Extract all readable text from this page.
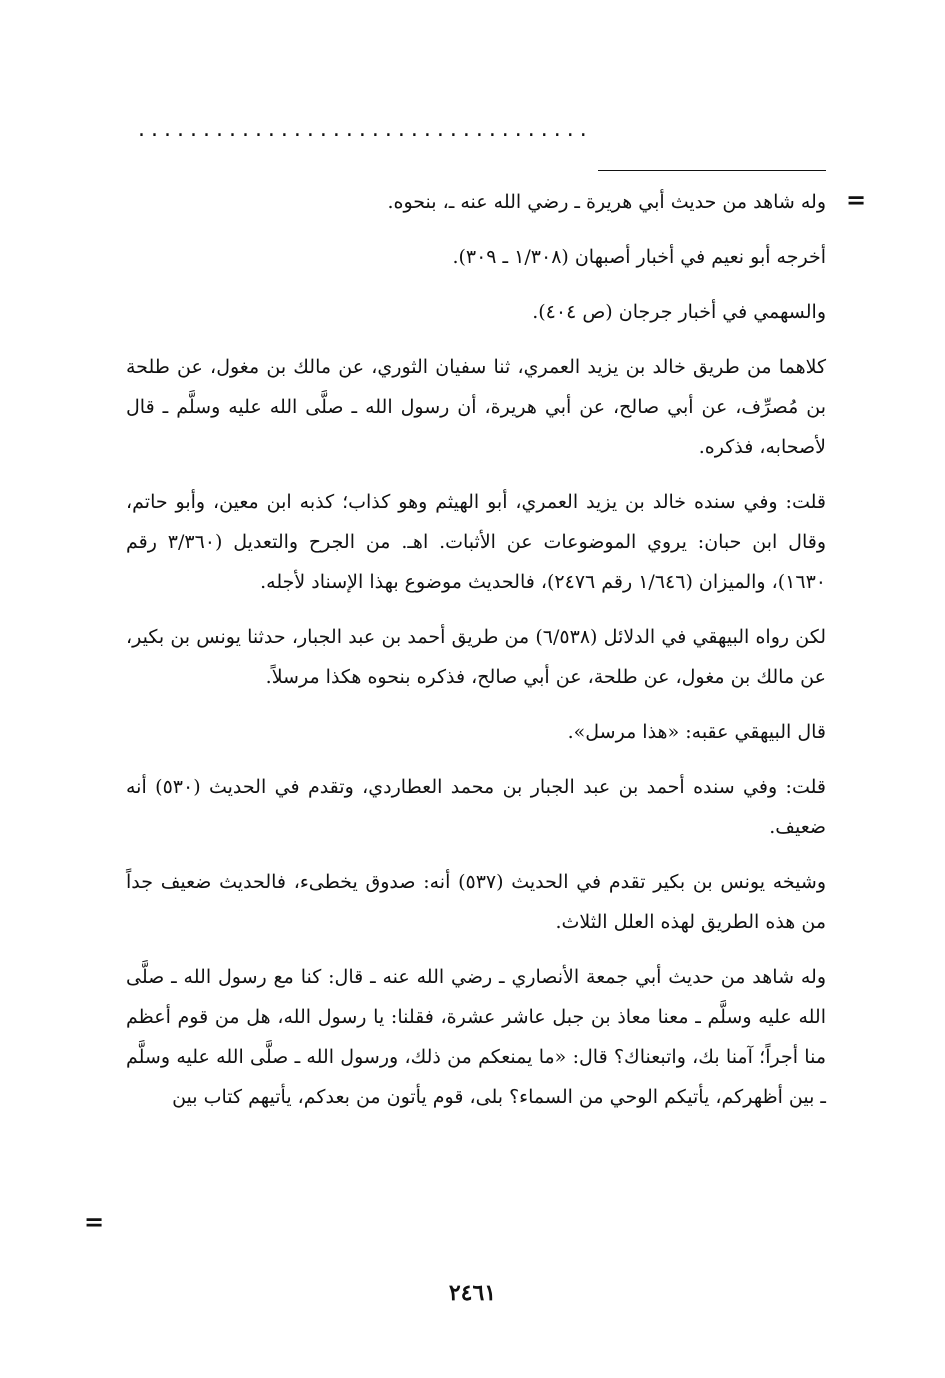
...................................
=

وله شاهد من حديث أبي هريرة ـ رضي الله عنه ـ، بنحوه.

أخرجه أبو نعيم في أخبار أصبهان (١/٣٠٨ ـ ٣٠٩).

والسهمي في أخبار جرجان (ص ٤٠٤).

كلاهما من طريق خالد بن يزيد العمري، ثنا سفيان الثوري، عن مالك بن مغول، عن طلحة بن مُصرِّف، عن أبي صالح، عن أبي هريرة، أن رسول الله ـ صلَّى الله عليه وسلَّم ـ قال لأصحابه، فذكره.

قلت: وفي سنده خالد بن يزيد العمري، أبو الهيثم وهو كذاب؛ كذبه ابن معين، وأبو حاتم، وقال ابن حبان: يروي الموضوعات عن الأثبات. اهـ. من الجرح والتعديل (٣/٣٦٠ رقم ١٦٣٠)، والميزان (١/٦٤٦ رقم ٢٤٧٦)، فالحديث موضوع بهذا الإسناد لأجله.

لكن رواه البيهقي في الدلائل (٦/٥٣٨) من طريق أحمد بن عبد الجبار، حدثنا يونس بن بكير، عن مالك بن مغول، عن طلحة، عن أبي صالح، فذكره بنحوه هكذا مرسلاً.

قال البيهقي عقبه: «هذا مرسل».

قلت: وفي سنده أحمد بن عبد الجبار بن محمد العطاردي، وتقدم في الحديث (٥٣٠) أنه ضعيف.

وشيخه يونس بن بكير تقدم في الحديث (٥٣٧) أنه: صدوق يخطىء، فالحديث ضعيف جداً من هذه الطريق لهذه العلل الثلاث.

وله شاهد من حديث أبي جمعة الأنصاري ـ رضي الله عنه ـ قال: كنا مع رسول الله ـ صلَّى الله عليه وسلَّم ـ معنا معاذ بن جبل عاشر عشرة، فقلنا: يا رسول الله، هل من قوم أعظم منا أجراً؛ آمنا بك، واتبعناك؟ قال: «ما يمنعكم من ذلك، ورسول الله ـ صلَّى الله عليه وسلَّم ـ بين أظهركم، يأتيكم الوحي من السماء؟ بلى، قوم يأتون من بعدكم، يأتيهم كتاب بين

=
٢٤٦١
